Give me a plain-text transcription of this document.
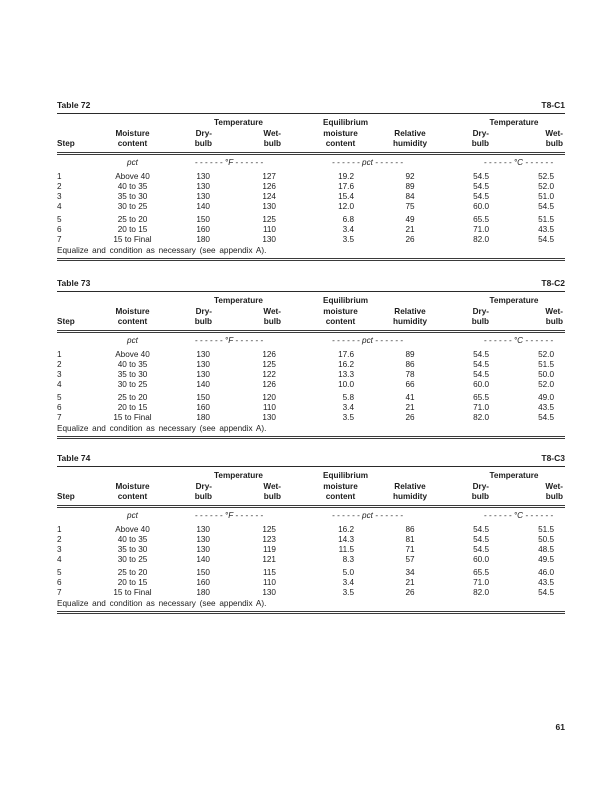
Table 72	T8-C1
		Temperature		Equilibrium		Temperature	
	Moisture	Dry-	Wet-	moisture	Relative	Dry-	Wet-
Step	content	bulb	bulb	content	humidity	bulb	bulb
	pct	- - - - - - °F - - - - - -		- - - - - - pct - - - - - -		- - - - - - °C - - - - - -	
1	Above 40	130	127	19.2	92	54.5	52.5
2	40 to 35	130	126	17.6	89	54.5	52.0
3	35 to 30	130	124	15.4	84	54.5	51.0
4	30 to 25	140	130	12.0	75	60.0	54.5
5	25 to 20	150	125	6.8	49	65.5	51.5
6	20 to 15	160	110	3.4	21	71.0	43.5
7	15 to Final	180	130	3.5	26	82.0	54.5
Equalize and condition as necessary (see appendix A).
Table 73	T8-C2
		Temperature		Equilibrium		Temperature	
	Moisture	Dry-	Wet-	moisture	Relative	Dry-	Wet-
Step	content	bulb	bulb	content	humidity	bulb	bulb
	pct	- - - - - - °F - - - - - -		- - - - - - pct - - - - - -		- - - - - - °C - - - - - -	
1	Above 40	130	126	17.6	89	54.5	52.0
2	40 to 35	130	125	16.2	86	54.5	51.5
3	35 to 30	130	122	13.3	78	54.5	50.0
4	30 to 25	140	126	10.0	66	60.0	52.0
5	25 to 20	150	120	5.8	41	65.5	49.0
6	20 to 15	160	110	3.4	21	71.0	43.5
7	15 to Final	180	130	3.5	26	82.0	54.5
Equalize and condition as necessary (see appendix A).
Table 74	T8-C3
		Temperature		Equilibrium		Temperature	
	Moisture	Dry-	Wet-	moisture	Relative	Dry-	Wet-
Step	content	bulb	bulb	content	humidity	bulb	bulb
	pct	- - - - - - °F - - - - - -		- - - - - - pct - - - - - -		- - - - - - °C - - - - - -	
1	Above 40	130	125	16.2	86	54.5	51.5
2	40 to 35	130	123	14.3	81	54.5	50.5
3	35 to 30	130	119	11.5	71	54.5	48.5
4	30 to 25	140	121	8.3	57	60.0	49.5
5	25 to 20	150	115	5.0	34	65.5	46.0
6	20 to 15	160	110	3.4	21	71.0	43.5
7	15 to Final	180	130	3.5	26	82.0	54.5
Equalize and condition as necessary (see appendix A).
61
